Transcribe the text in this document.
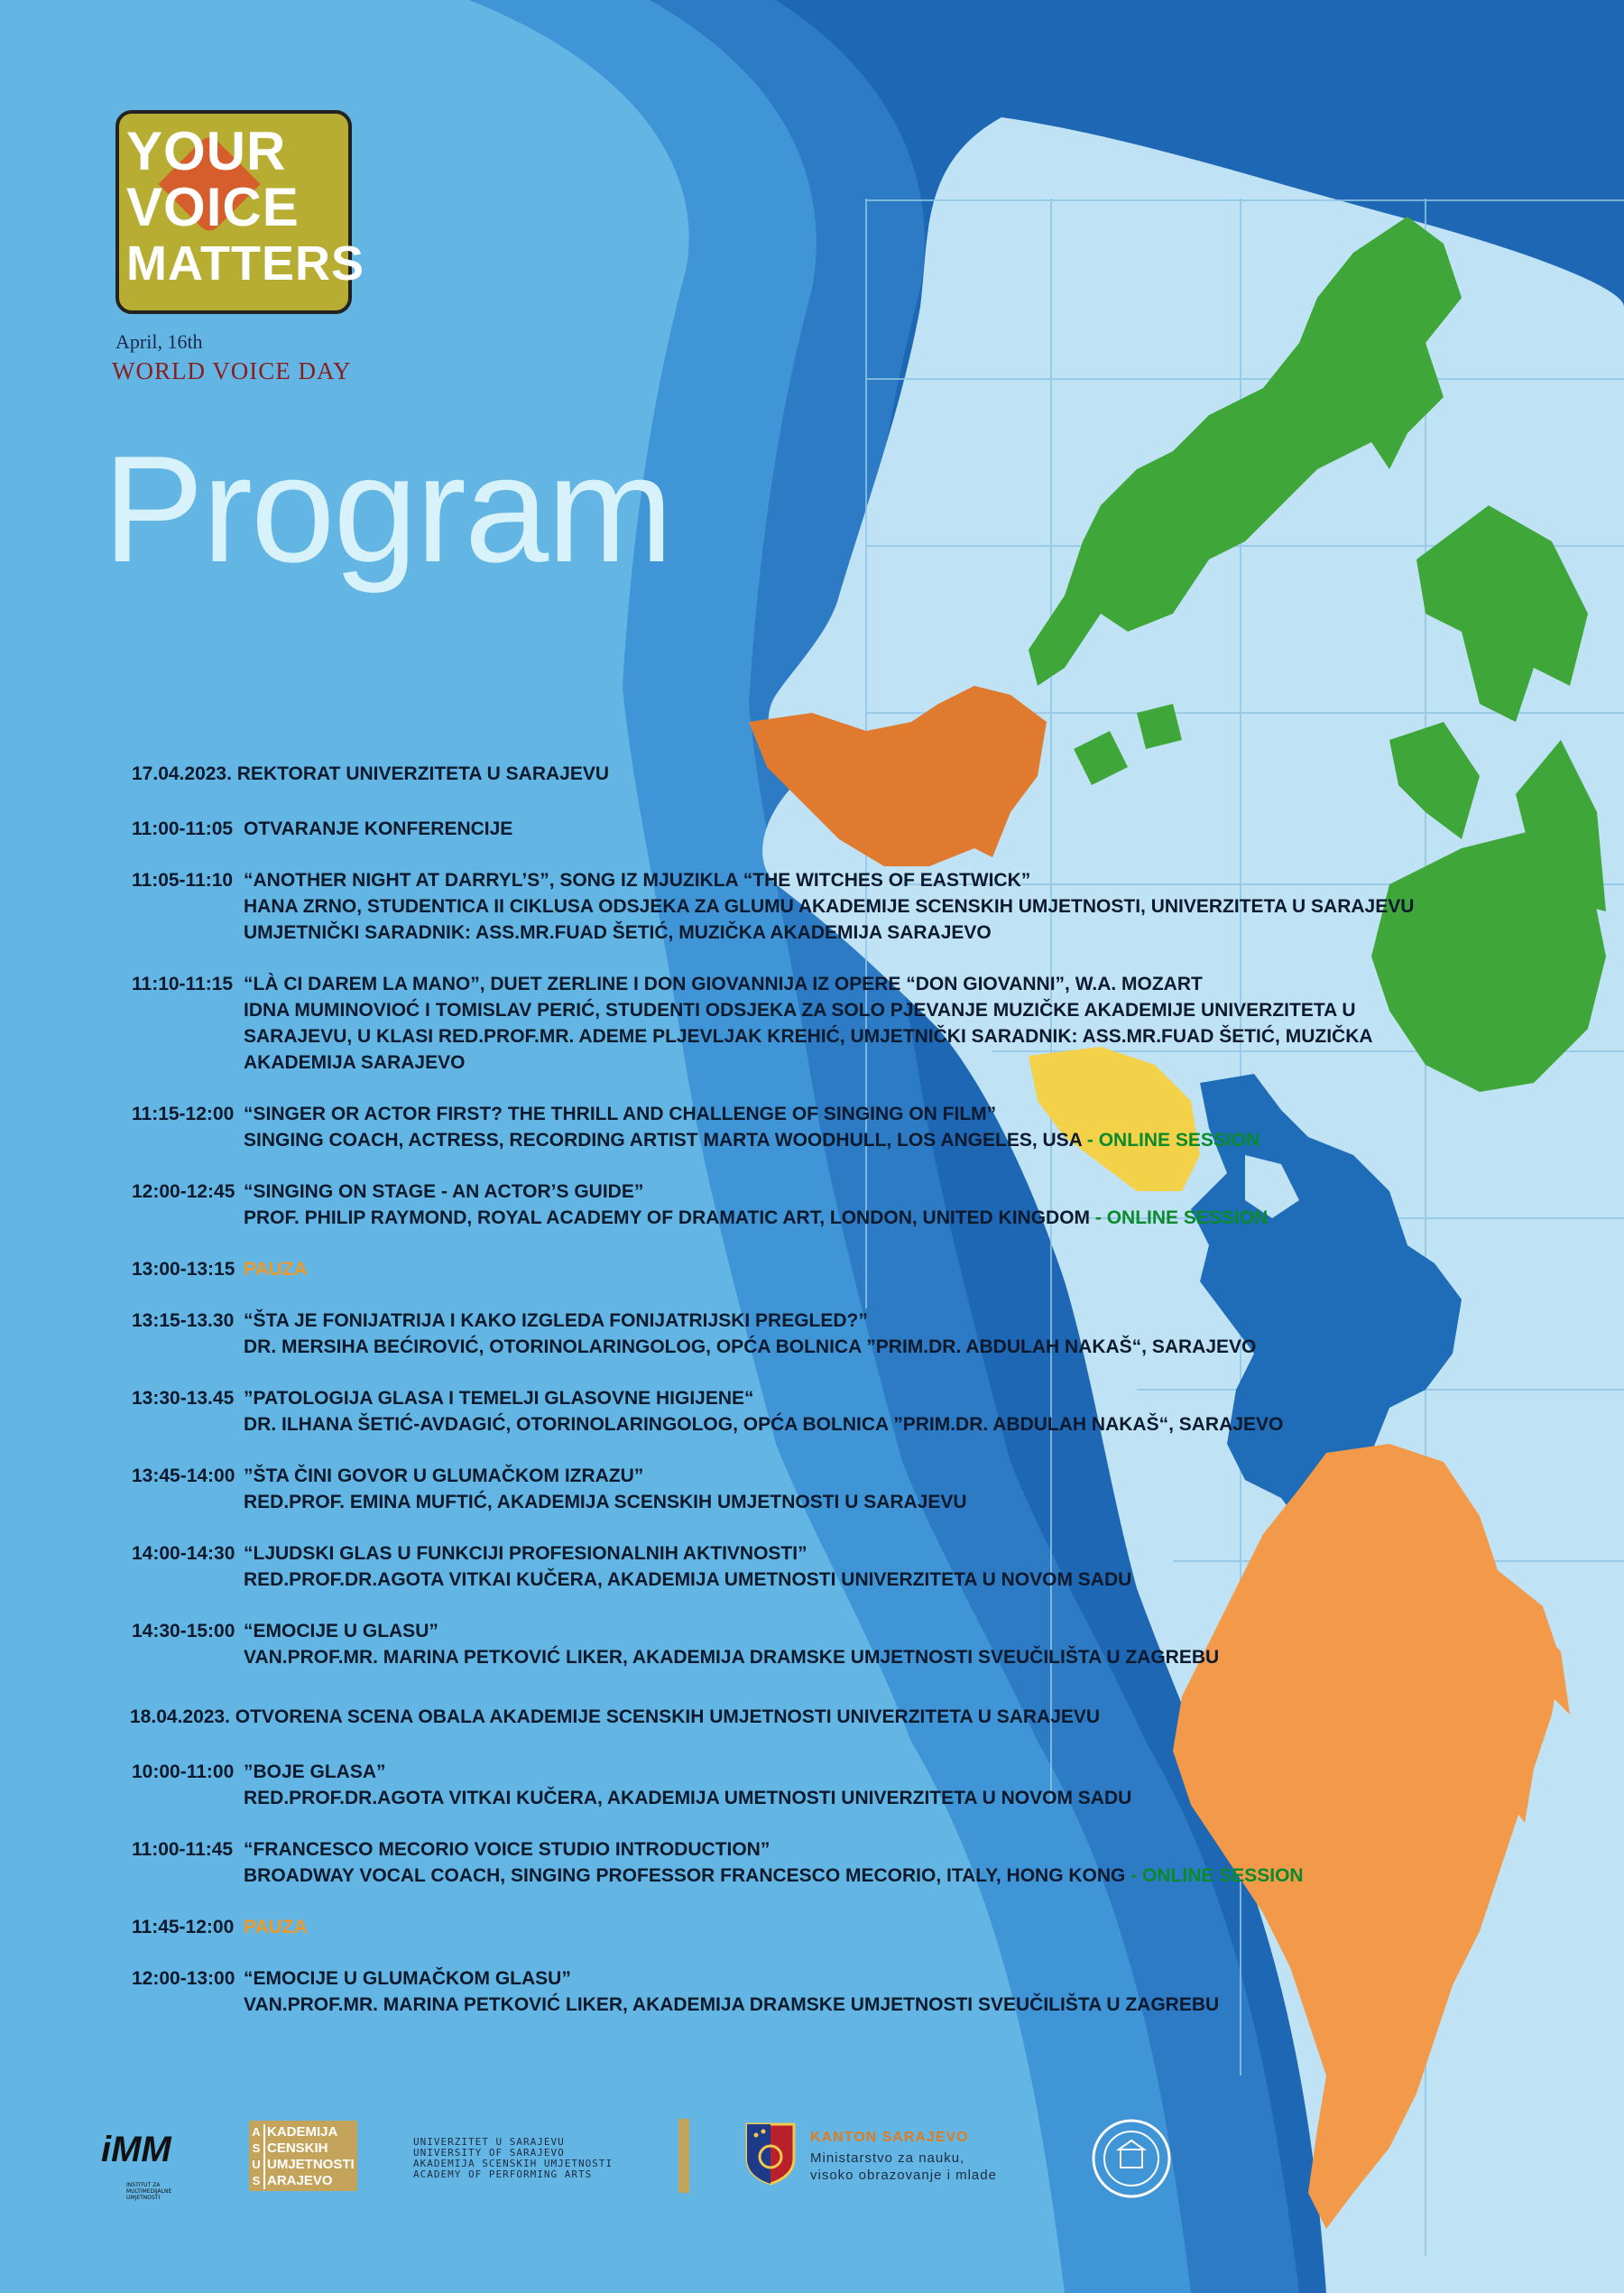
YOUR
VOICE
MATTERS
April, 16th
WORLD VOICE DAY
Program
17.04.2023. REKTORAT UNIVERZITETA U SARAJEVU
11:00-11:05 OTVARANJE KONFERENCIJE
11:05-11:10 “ANOTHER NIGHT AT DARRYL’S”, SONG IZ MJUZIKLA “THE WITCHES OF EASTWICK”
HANA ZRNO, STUDENTICA II CIKLUSA ODSJEKA ZA GLUMU AKADEMIJE SCENSKIH UMJETNOSTI, UNIVERZITETA U SARAJEVU
UMJETNIČKI SARADNIK: ASS.MR.FUAD ŠETIĆ, MUZIČKA AKADEMIJA SARAJEVO
11:10-11:15 “LÀ CI DAREM LA MANO”, DUET ZERLINE I DON GIOVANNIJA IZ OPERE “DON GIOVANNI”, W.A. MOZART
IDNA MUMINOVIOĆ I TOMISLAV PERIĆ, STUDENTI ODSJEKA ZA SOLO PJEVANJE MUZIČKE AKADEMIJE UNIVERZITETA U SARAJEVU, U KLASI RED.PROF.MR. ADEME PLJEVLJAK KREHIĆ, UMJETNIČKI SARADNIK: ASS.MR.FUAD ŠETIĆ, MUZIČKA AKADEMIJA SARAJEVO
11:15-12:00 “SINGER OR ACTOR FIRST? THE THRILL AND CHALLENGE OF SINGING ON FILM”
SINGING COACH, ACTRESS, RECORDING ARTIST MARTA WOODHULL, LOS ANGELES, USA - ONLINE SESSION
12:00-12:45 “SINGING ON STAGE - AN ACTOR’S GUIDE”
PROF. PHILIP RAYMOND, ROYAL ACADEMY OF DRAMATIC ART, LONDON, UNITED KINGDOM - ONLINE SESSION
13:00-13:15 PAUZA
13:15-13.30 “ŠTA JE FONIJATRIJA I KAKO IZGLEDA FONIJATRIJSKI PREGLED?”
DR. MERSIHA BEĆIROVIĆ, OTORINOLARINGOLOG, OPĆA BOLNICA ”PRIM.DR. ABDULAH NAKAŠ“, SARAJEVO
13:30-13.45 ”PATOLOGIJA GLASA I TEMELJI GLASOVNE HIGIJENE“
DR. ILHANA ŠETIĆ-AVDAGIĆ, OTORINOLARINGOLOG, OPĆA BOLNICA ”PRIM.DR. ABDULAH NAKAŠ“, SARAJEVO
13:45-14:00 ”ŠTA ČINI GOVOR U GLUMAČKOM IZRAZU”
RED.PROF. EMINA MUFTIĆ, AKADEMIJA SCENSKIH UMJETNOSTI U SARAJEVU
14:00-14:30 “LJUDSKI GLAS U FUNKCIJI PROFESIONALNIH AKTIVNOSTI”
RED.PROF.DR.AGOTA VITKAI KUČERA, AKADEMIJA UMETNOSTI UNIVERZITETA U NOVOM SADU
14:30-15:00 “EMOCIJE U GLASU”
VAN.PROF.MR. MARINA PETKOVIĆ LIKER, AKADEMIJA DRAMSKE UMJETNOSTI SVEUČILIŠTA U ZAGREBU
18.04.2023. OTVORENA SCENA OBALA AKADEMIJE SCENSKIH UMJETNOSTI UNIVERZITETA U SARAJEVU
10:00-11:00 ”BOJE GLASA”
RED.PROF.DR.AGOTA VITKAI KUČERA, AKADEMIJA UMETNOSTI UNIVERZITETA U NOVOM SADU
11:00-11:45 “FRANCESCO MECORIO VOICE STUDIO INTRODUCTION”
BROADWAY VOCAL COACH, SINGING PROFESSOR FRANCESCO MECORIO, ITALY, HONG KONG - ONLINE SESSION
11:45-12:00 PAUZA
12:00-13:00 “EMOCIJE U GLUMAČKOM GLASU”
VAN.PROF.MR. MARINA PETKOVIĆ LIKER, AKADEMIJA DRAMSKE UMJETNOSTI SVEUČILIŠTA U ZAGREBU
iMM
INSTITUT ZA MULTIMEDIJALNE UMJETNOSTI
A
S
U
S
KADEMIJA
CENSKIH
UMJETNOSTI
ARAJEVO
UNIVERZITET U SARAJEVU
UNIVERSITY OF SARAJEVO
AKADEMIJA SCENSKIH UMJETNOSTI
ACADEMY OF PERFORMING ARTS
KANTON SARAJEVO
Ministarstvo za nauku,
visoko obrazovanje i mlade
